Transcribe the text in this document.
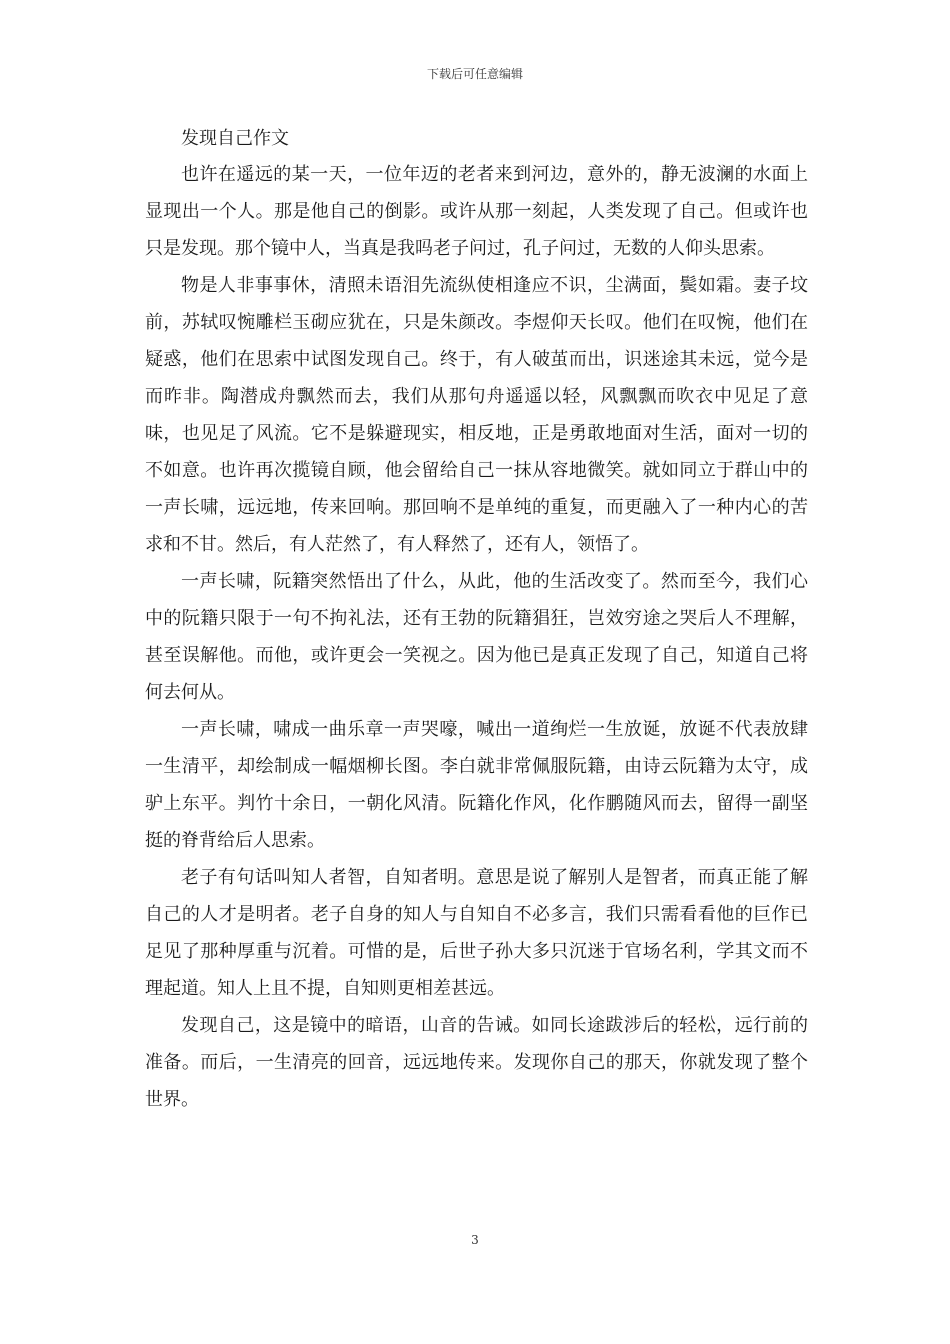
下载后可任意编辑
发现自己作文

也许在遥远的某一天，一位年迈的老者来到河边，意外的，静无波澜的水面上显现出一个人。那是他自己的倒影。或许从那一刻起，人类发现了自己。但或许也只是发现。那个镜中人，当真是我吗老子问过，孔子问过，无数的人仰头思索。

物是人非事事休，清照未语泪先流纵使相逢应不识，尘满面，鬓如霜。妻子坟前，苏轼叹惋雕栏玉砌应犹在，只是朱颜改。李煜仰天长叹。他们在叹惋，他们在疑惑，他们在思索中试图发现自己。终于，有人破茧而出，识迷途其未远，觉今是而昨非。陶潜成舟飘然而去，我们从那句舟遥遥以轻，风飘飘而吹衣中见足了意味，也见足了风流。它不是躲避现实，相反地，正是勇敢地面对生活，面对一切的不如意。也许再次揽镜自顾，他会留给自己一抹从容地微笑。就如同立于群山中的一声长啸，远远地，传来回响。那回响不是单纯的重复，而更融入了一种内心的苦求和不甘。然后，有人茫然了，有人释然了，还有人，领悟了。

一声长啸，阮籍突然悟出了什么，从此，他的生活改变了。然而至今，我们心中的阮籍只限于一句不拘礼法，还有王勃的阮籍猖狂，岂效穷途之哭后人不理解，甚至误解他。而他，或许更会一笑视之。因为他已是真正发现了自己，知道自己将何去何从。

一声长啸，啸成一曲乐章一声哭嚎，喊出一道绚烂一生放诞，放诞不代表放肆一生清平，却绘制成一幅烟柳长图。李白就非常佩服阮籍，由诗云阮籍为太守，成驴上东平。判竹十余日，一朝化风清。阮籍化作风，化作鹏随风而去，留得一副坚挺的脊背给后人思索。

老子有句话叫知人者智，自知者明。意思是说了解别人是智者，而真正能了解自己的人才是明者。老子自身的知人与自知自不必多言，我们只需看看他的巨作已足见了那种厚重与沉着。可惜的是，后世子孙大多只沉迷于官场名利，学其文而不理起道。知人上且不提，自知则更相差甚远。

发现自己，这是镜中的暗语，山音的告诫。如同长途跋涉后的轻松，远行前的准备。而后，一生清亮的回音，远远地传来。发现你自己的那天，你就发现了整个世界。

3
